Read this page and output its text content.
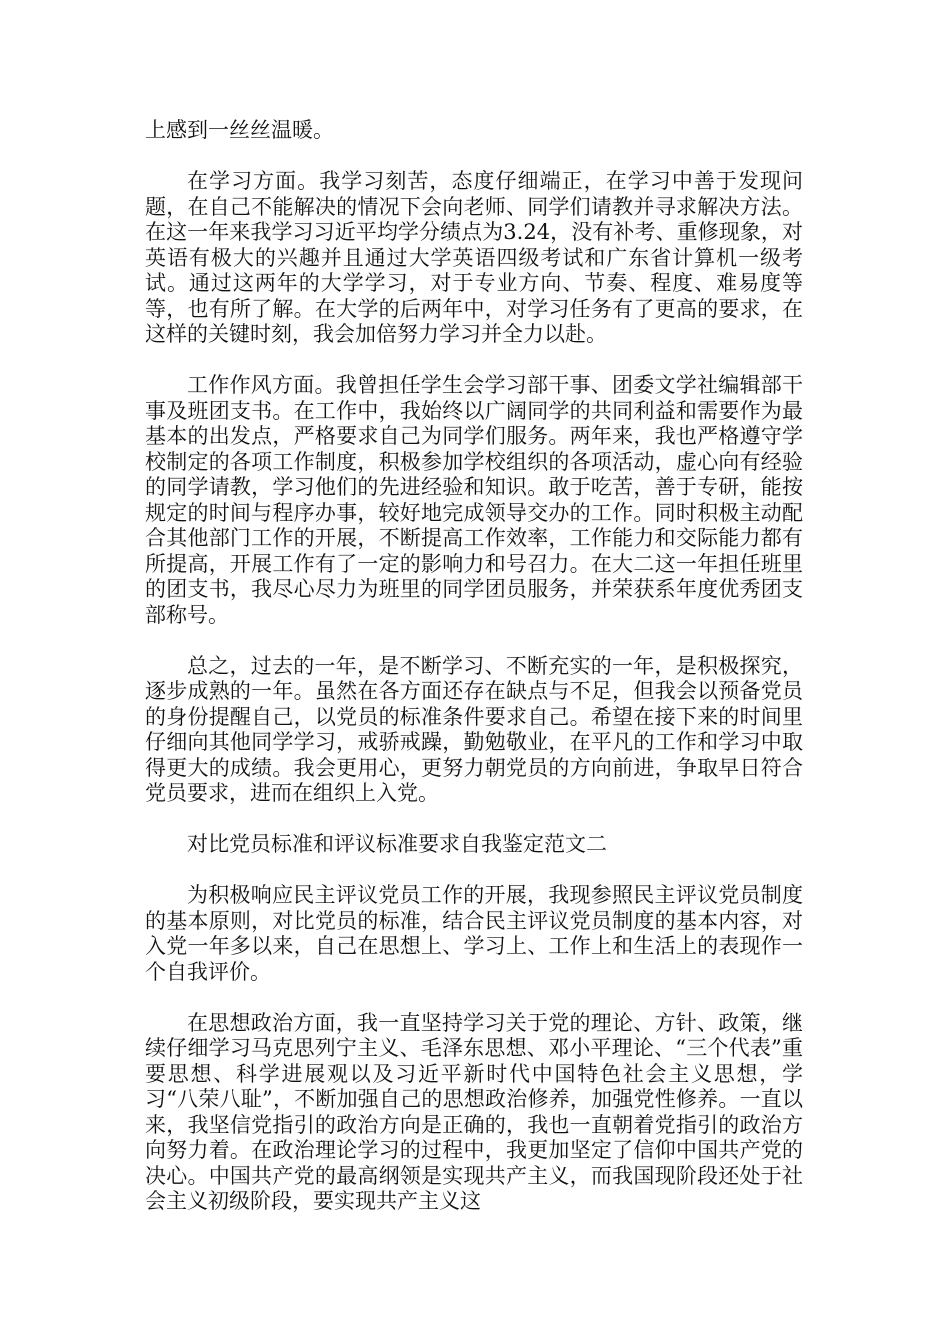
上感到一丝丝温暖。

在学习方面。我学习刻苦，态度仔细端正，在学习中善于发现问题，在自己不能解决的情况下会向老师、同学们请教并寻求解决方法。在这一年来我学习习近平均学分绩点为3.24，没有补考、重修现象，对英语有极大的兴趣并且通过大学英语四级考试和广东省计算机一级考试。通过这两年的大学学习，对于专业方向、节奏、程度、难易度等等，也有所了解。在大学的后两年中，对学习任务有了更高的要求，在这样的关键时刻，我会加倍努力学习并全力以赴。

工作作风方面。我曾担任学生会学习部干事、团委文学社编辑部干事及班团支书。在工作中，我始终以广阔同学的共同利益和需要作为最基本的出发点，严格要求自己为同学们服务。两年来，我也严格遵守学校制定的各项工作制度，积极参加学校组织的各项活动，虚心向有经验的同学请教，学习他们的先进经验和知识。敢于吃苦，善于专研，能按规定的时间与程序办事，较好地完成领导交办的工作。同时积极主动配合其他部门工作的开展，不断提高工作效率，工作能力和交际能力都有所提高，开展工作有了一定的影响力和号召力。在大二这一年担任班里的团支书，我尽心尽力为班里的同学团员服务，并荣获系年度优秀团支部称号。

总之，过去的一年，是不断学习、不断充实的一年，是积极探究，逐步成熟的一年。虽然在各方面还存在缺点与不足，但我会以预备党员的身份提醒自己，以党员的标准条件要求自己。希望在接下来的时间里仔细向其他同学学习，戒骄戒躁，勤勉敬业，在平凡的工作和学习中取得更大的成绩。我会更用心，更努力朝党员的方向前进，争取早日符合党员要求，进而在组织上入党。

对比党员标准和评议标准要求自我鉴定范文二

为积极响应民主评议党员工作的开展，我现参照民主评议党员制度的基本原则，对比党员的标准，结合民主评议党员制度的基本内容，对入党一年多以来，自己在思想上、学习上、工作上和生活上的表现作一个自我评价。

在思想政治方面，我一直坚持学习关于党的理论、方针、政策，继续仔细学习马克思列宁主义、毛泽东思想、邓小平理论、“三个代表”重要思想、科学进展观以及习近平新时代中国特色社会主义思想，学习“八荣八耻”，不断加强自己的思想政治修养，加强党性修养。一直以来，我坚信党指引的政治方向是正确的，我也一直朝着党指引的政治方向努力着。在政治理论学习的过程中，我更加坚定了信仰中国共产党的决心。中国共产党的最高纲领是实现共产主义，而我国现阶段还处于社会主义初级阶段，要实现共产主义这
